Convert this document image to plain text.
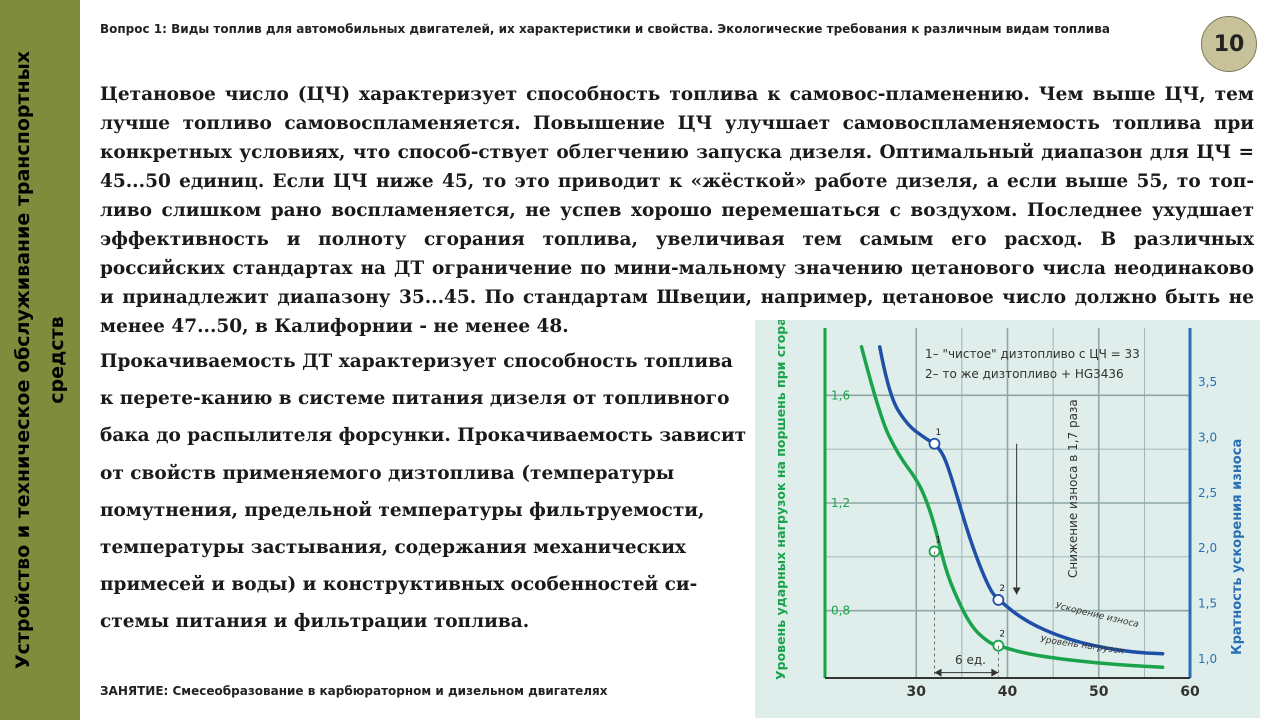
Устройство и техническое обслуживание транспортных средств
Вопрос 1: Виды топлив для автомобильных двигателей, их характеристики и свойства. Экологические требования к различным видам топлива
10

Цетановое число (ЦЧ) характеризует способность топлива к самовос-пламенению. Чем выше ЦЧ, тем лучше топливо самовоспламеняется. Повышение ЦЧ улучшает самовоспламеняемость топлива при конкретных условиях, что способ-ствует облегчению запуска дизеля. Оптимальный диапазон для ЦЧ = 45...50 единиц. Если ЦЧ ниже 45, то это приводит к «жёсткой» работе дизеля, а если выше 55, то топ-ливо слишком рано воспламеняется, не успев хорошо перемешаться с воздухом. Последнее ухудшает эффективность и полноту сгорания топлива, увеличивая тем самым его расход. В различных российских стандартах на ДТ ограничение по мини-мальному значению цетанового числа неодинаково и принадлежит диапазону 35...45. По стандартам Швеции, например, цетановое число должно быть не менее 47...50, в Калифорнии - не менее 48.

Прокачиваемость ДТ характеризует способность топлива к перете-канию в системе питания дизеля от топливного бака до распылителя форсунки. Прокачиваемость зависит от свойств применяемого дизтоплива (температуры помутнения, предельной температуры фильтруемости, температуры застывания, содержания механических примесей и воды) и конструктивных особенностей си-стемы питания и фильтрации топлива.

ЗАНЯТИЕ: Смесеобразование в карбюраторном и дизельном двигателях	30	40	50	60
0,8
1,2
1,6
1,0
1,5
2,0
2,5
3,0
3,5
1
2
1
2
1– "чистое" дизтопливо с ЦЧ = 33
2– то же дизтопливо + HG3436
Уровень ударных нагрузок на поршень при сгорании (МПа / град ПКВ)	Кратность ускорения износа
Снижение износа в 1,7 раза
6 ед.
Ускорение износа
Уровень нагрузок
